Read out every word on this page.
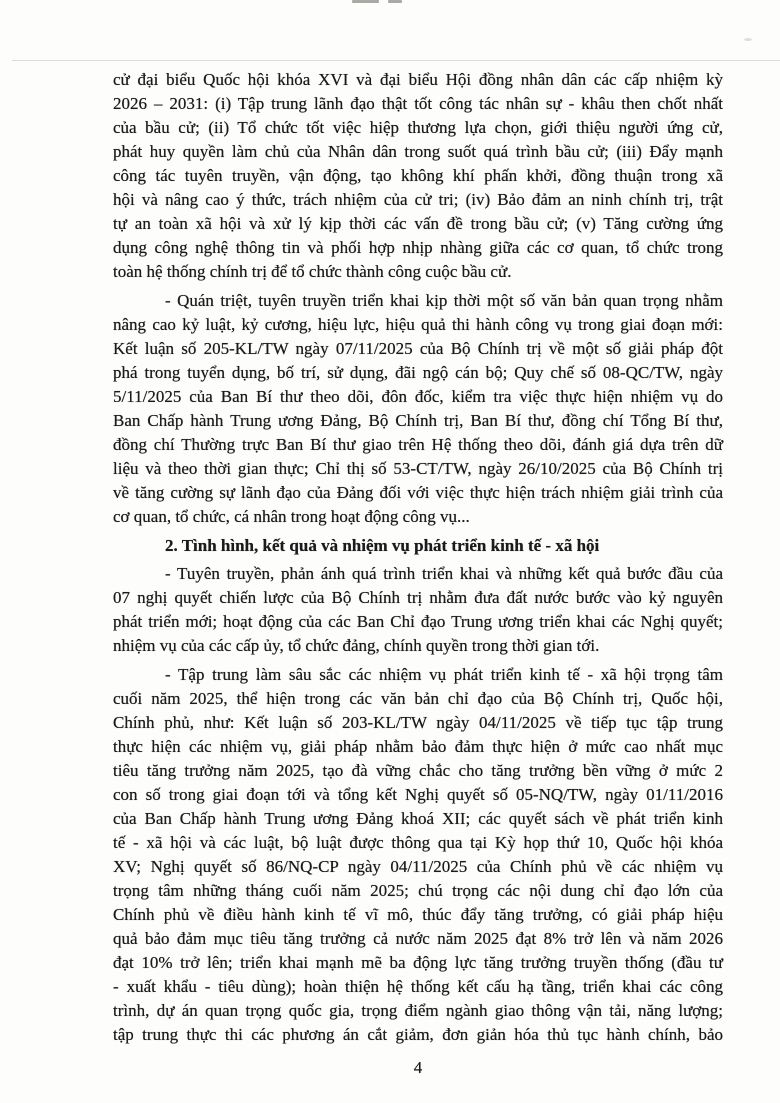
cử đại biểu Quốc hội khóa XVI và đại biểu Hội đồng nhân dân các cấp nhiệm kỳ
2026 – 2031: (i) Tập trung lãnh đạo thật tốt công tác nhân sự - khâu then chốt nhất
của bầu cử; (ii) Tổ chức tốt việc hiệp thương lựa chọn, giới thiệu người ứng cử,
phát huy quyền làm chủ của Nhân dân trong suốt quá trình bầu cử; (iii) Đẩy mạnh
công tác tuyên truyền, vận động, tạo không khí phấn khởi, đồng thuận trong xã
hội và nâng cao ý thức, trách nhiệm của cử tri; (iv) Bảo đảm an ninh chính trị, trật
tự an toàn xã hội và xử lý kịp thời các vấn đề trong bầu cử; (v) Tăng cường ứng
dụng công nghệ thông tin và phối hợp nhịp nhàng giữa các cơ quan, tổ chức trong
toàn hệ thống chính trị để tổ chức thành công cuộc bầu cử.
- Quán triệt, tuyên truyền triển khai kịp thời một số văn bản quan trọng nhằm
nâng cao kỷ luật, kỷ cương, hiệu lực, hiệu quả thi hành công vụ trong giai đoạn mới:
Kết luận số 205-KL/TW ngày 07/11/2025 của Bộ Chính trị về một số giải pháp đột
phá trong tuyển dụng, bố trí, sử dụng, đãi ngộ cán bộ; Quy chế số 08-QC/TW, ngày
5/11/2025 của Ban Bí thư theo dõi, đôn đốc, kiểm tra việc thực hiện nhiệm vụ do
Ban Chấp hành Trung ương Đảng, Bộ Chính trị, Ban Bí thư, đồng chí Tổng Bí thư,
đồng chí Thường trực Ban Bí thư giao trên Hệ thống theo dõi, đánh giá dựa trên dữ
liệu và theo thời gian thực; Chỉ thị số 53-CT/TW, ngày 26/10/2025 của Bộ Chính trị
về tăng cường sự lãnh đạo của Đảng đối với việc thực hiện trách nhiệm giải trình của
cơ quan, tổ chức, cá nhân trong hoạt động công vụ...
2. Tình hình, kết quả và nhiệm vụ phát triển kinh tế - xã hội
- Tuyên truyền, phản ánh quá trình triển khai và những kết quả bước đầu của
07 nghị quyết chiến lược của Bộ Chính trị nhằm đưa đất nước bước vào kỷ nguyên
phát triển mới; hoạt động của các Ban Chỉ đạo Trung ương triển khai các Nghị quyết;
nhiệm vụ của các cấp ủy, tổ chức đảng, chính quyền trong thời gian tới.
- Tập trung làm sâu sắc các nhiệm vụ phát triển kinh tế - xã hội trọng tâm
cuối năm 2025, thể hiện trong các văn bản chỉ đạo của Bộ Chính trị, Quốc hội,
Chính phủ, như: Kết luận số 203-KL/TW ngày 04/11/2025 về tiếp tục tập trung
thực hiện các nhiệm vụ, giải pháp nhằm bảo đảm thực hiện ở mức cao nhất mục
tiêu tăng trưởng năm 2025, tạo đà vững chắc cho tăng trưởng bền vững ở mức 2
con số trong giai đoạn tới và tổng kết Nghị quyết số 05-NQ/TW, ngày 01/11/2016
của Ban Chấp hành Trung ương Đảng khoá XII; các quyết sách về phát triển kinh
tế - xã hội và các luật, bộ luật được thông qua tại Kỳ họp thứ 10, Quốc hội khóa
XV; Nghị quyết số 86/NQ-CP ngày 04/11/2025 của Chính phủ về các nhiệm vụ
trọng tâm những tháng cuối năm 2025; chú trọng các nội dung chỉ đạo lớn của
Chính phủ về điều hành kinh tế vĩ mô, thúc đẩy tăng trưởng, có giải pháp hiệu
quả bảo đảm mục tiêu tăng trưởng cả nước năm 2025 đạt 8% trở lên và năm 2026
đạt 10% trở lên; triển khai mạnh mẽ ba động lực tăng trưởng truyền thống (đầu tư
- xuất khẩu - tiêu dùng); hoàn thiện hệ thống kết cấu hạ tầng, triển khai các công
trình, dự án quan trọng quốc gia, trọng điểm ngành giao thông vận tải, năng lượng;
tập trung thực thi các phương án cắt giảm, đơn giản hóa thủ tục hành chính, bảo
4
